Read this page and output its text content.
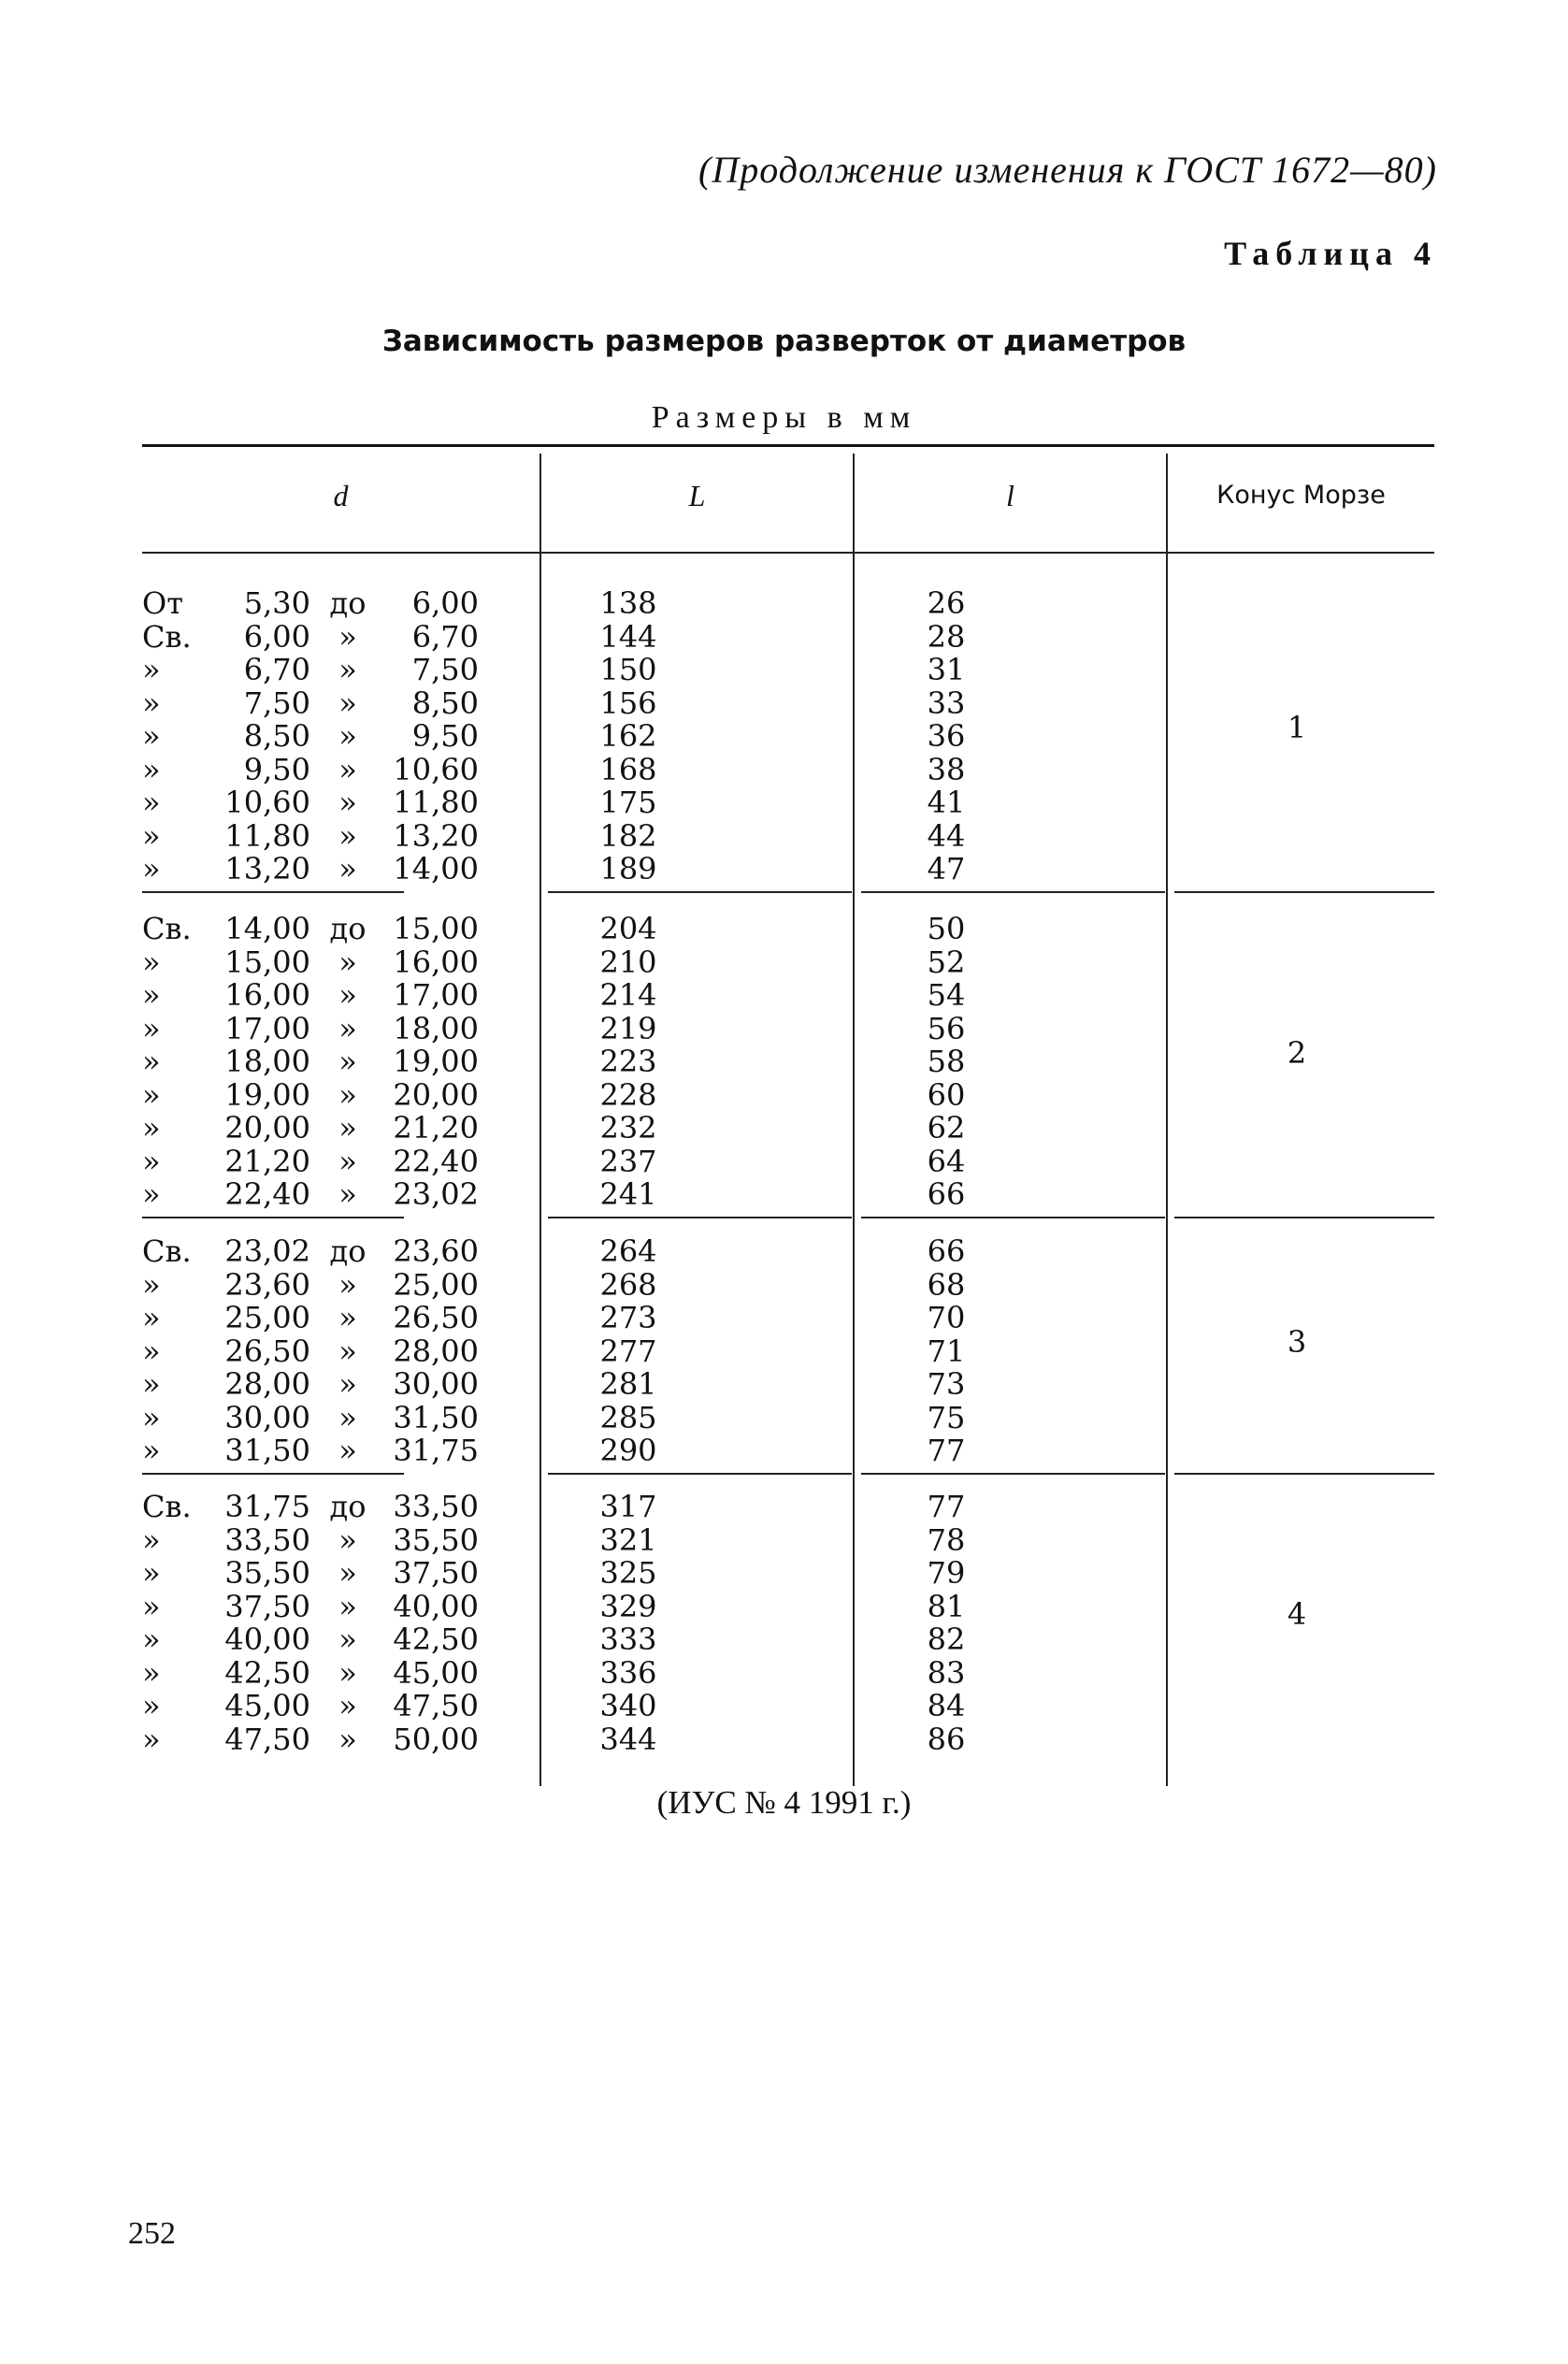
(Продолжение изменения к ГОСТ 1672—80)
Таблица 4
Зависимость размеров разверток от диаметров
Размеры в мм
d	L	l	Конус Морзе
От	5,30 до	6,00	138	26
Св.	6,00 »	6,70	144	28
»	6,70 »	7,50	150	31
»	7,50 »	8,50	156	33
»	8,50 »	9,50	162	36
»	9,50 »	10,60	168	38
»	10,60 »	11,80	175	41
»	11,80 »	13,20	182	44
»	13,20 »	14,00	189	47
1
Св.	14,00 до 15,00	204	50
»	15,00 »	16,00	210	52
»	16,00 »	17,00	214	54
»	17,00 »	18,00	219	56
»	18,00 »	19,00	223	58
»	19,00 »	20,00	228	60
»	20,00 »	21,20	232	62
»	21,20 »	22,40	237	64
»	22,40 »	23,02	241	66
2
Св.	23,02 до 23,60	264	66
»	23,60 »	25,00	268	68
»	25,00 »	26,50	273	70
»	26,50 »	28,00	277	71
»	28,00 »	30,00	281	73
»	30,00 »	31,50	285	75
»	31,50 »	31,75	290	77
3
Св.	31,75 до 33,50	317	77
»	33,50 »	35,50	321	78
»	35,50 »	37,50	325	79
»	37,50 »	40,00	329	81
»	40,00 »	42,50	333	82
»	42,50 »	45,00	336	83
»	45,00 »	47,50	340	84
»	47,50 »	50,00	344	86
4
(ИУС № 4 1991 г.)
252
